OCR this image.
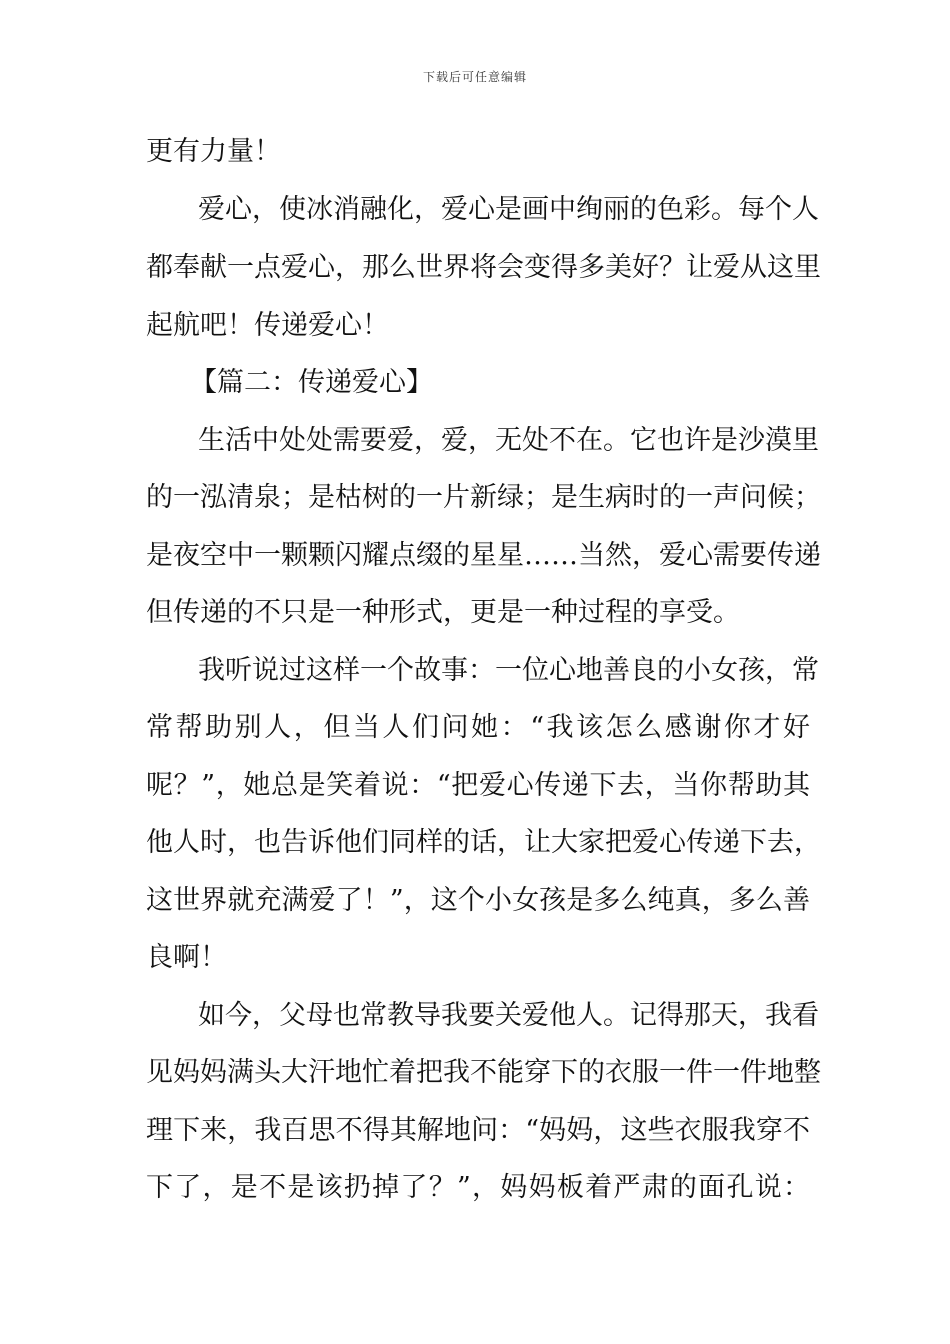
下载后可任意编辑
更有力量！
爱心，使冰消融化，爱心是画中绚丽的色彩。每个人
都奉献一点爱心，那么世界将会变得多美好？让爱从这里
起航吧！传递爱心！
【篇二：传递爱心】
生活中处处需要爱，爱，无处不在。它也许是沙漠里
的一泓清泉；是枯树的一片新绿；是生病时的一声问候；
是夜空中一颗颗闪耀点缀的星星……当然，爱心需要传递
但传递的不只是一种形式，更是一种过程的享受。
我听说过这样一个故事：一位心地善良的小女孩，常
常帮助别人，但当人们问她：“我该怎么感谢你才好
呢？”，她总是笑着说：“把爱心传递下去，当你帮助其
他人时，也告诉他们同样的话，让大家把爱心传递下去，
这世界就充满爱了！”，这个小女孩是多么纯真，多么善
良啊！
如今，父母也常教导我要关爱他人。记得那天，我看
见妈妈满头大汗地忙着把我不能穿下的衣服一件一件地整
理下来，我百思不得其解地问：“妈妈，这些衣服我穿不
下了，是不是该扔掉了？”，妈妈板着严肃的面孔说：
